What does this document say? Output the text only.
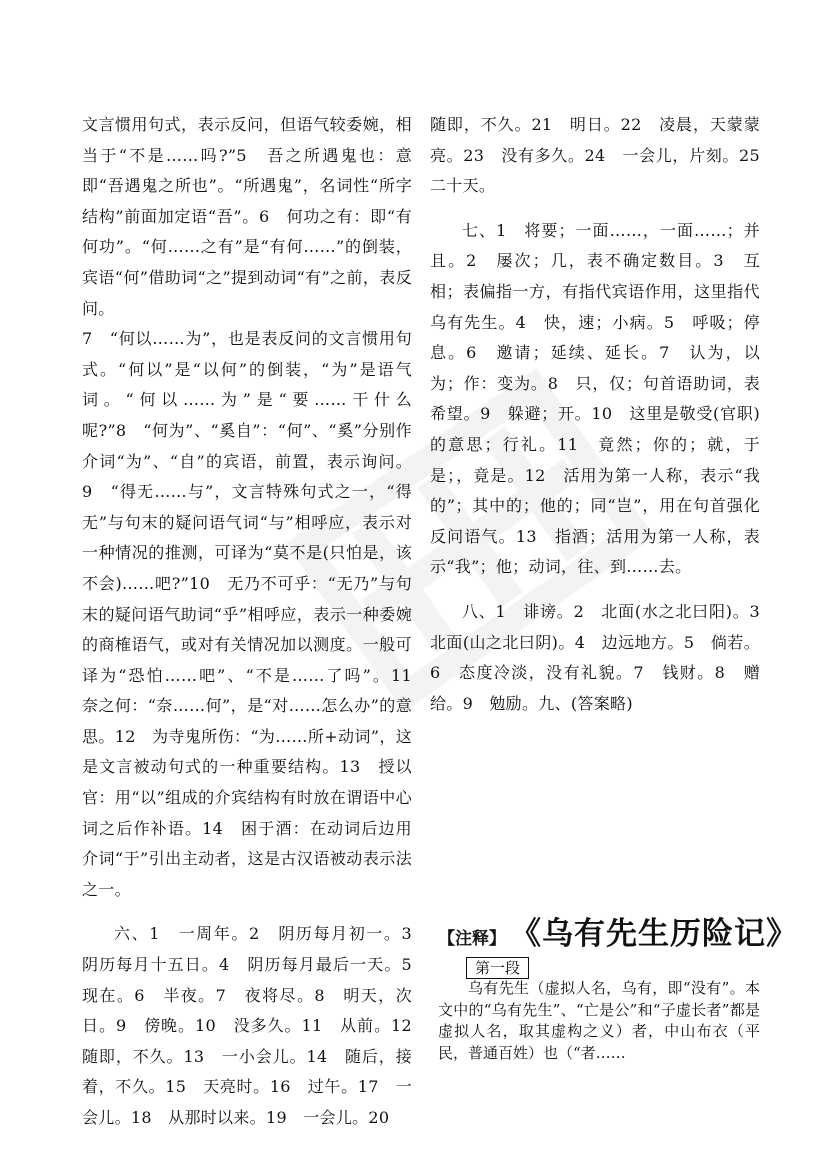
文言惯用句式，表示反问，但语气较委婉，相当于“不是……吗?”5　吾之所遇鬼也：意即“吾遇鬼之所也”。“所遇鬼”，名词性“所字结构”前面加定语“吾”。6　何功之有：即“有何功”。“何……之有”是“有何……”的倒装，宾语“何”借助词“之”提到动词“有”之前，表反问。

7　“何以……为”，也是表反问的文言惯用句式。“何以”是“以何”的倒装，“为”是语气词。“何以……为”是“要……干什么呢?”8　“何为”、“奚自”：“何”、“奚”分别作介词“为”、“自”的宾语，前置，表示询问。9　“得无……与”，文言特殊句式之一，“得无”与句末的疑问语气词“与”相呼应，表示对一种情况的推测，可译为“莫不是(只怕是，该不会)……吧?”10　无乃不可乎：“无乃”与句末的疑问语气助词“乎”相呼应，表示一种委婉的商榷语气，或对有关情况加以测度。一般可译为“恐怕……吧”、“不是……了吗”。11　奈之何：“奈……何”，是“对……怎么办”的意思。12　为寺鬼所伤：“为……所+动词”，这是文言被动句式的一种重要结构。13　授以官：用“以”组成的介宾结构有时放在谓语中心词之后作补语。14　困于酒：在动词后边用介词“于”引出主动者，这是古汉语被动表示法之一。

六、1　一周年。2　阴历每月初一。3　阴历每月十五日。4　阴历每月最后一天。5　现在。6　半夜。7　夜将尽。8　明天，次日。9　傍晚。10　没多久。11　从前。12　随即，不久。13　一小会儿。14　随后，接着，不久。15　天亮时。16　过午。17　一会儿。18　从那时以来。19　一会儿。20

随即，不久。21　明日。22　凌晨，天蒙蒙亮。23　没有多久。24　一会儿，片刻。25　二十天。

七、1　将要；一面……，一面……；并且。2　屡次；几，表不确定数目。3　互相；表偏指一方，有指代宾语作用，这里指代乌有先生。4　快，速；小病。5　呼吸；停息。6　邀请；延续、延长。7　认为，以为；作：变为。8　只，仅；句首语助词，表希望。9　躲避；开。10　这里是敬受(官职)的意思；行礼。11　竟然；你的；就，于是；，竟是。12　活用为第一人称，表示“我的”；其中的；他的；同“岂”，用在句首强化反问语气。13　指酒；活用为第一人称，表示“我”；他；动词，往、到……去。

八、1　诽谤。2　北面(水之北曰阳)。3　北面(山之北曰阴)。4　边远地方。5　倘若。6　态度冷淡，没有礼貌。7　钱财。8　赠给。9　勉励。九、(答案略)

【注释】 《乌有先生历险记》
第一段

乌有先生（虚拟人名，乌有，即“没有”。本文中的“乌有先生”、“亡是公”和“子虚长者”都是虚拟人名，取其虚构之义）者，中山布衣（平民，普通百姓）也（“者……
